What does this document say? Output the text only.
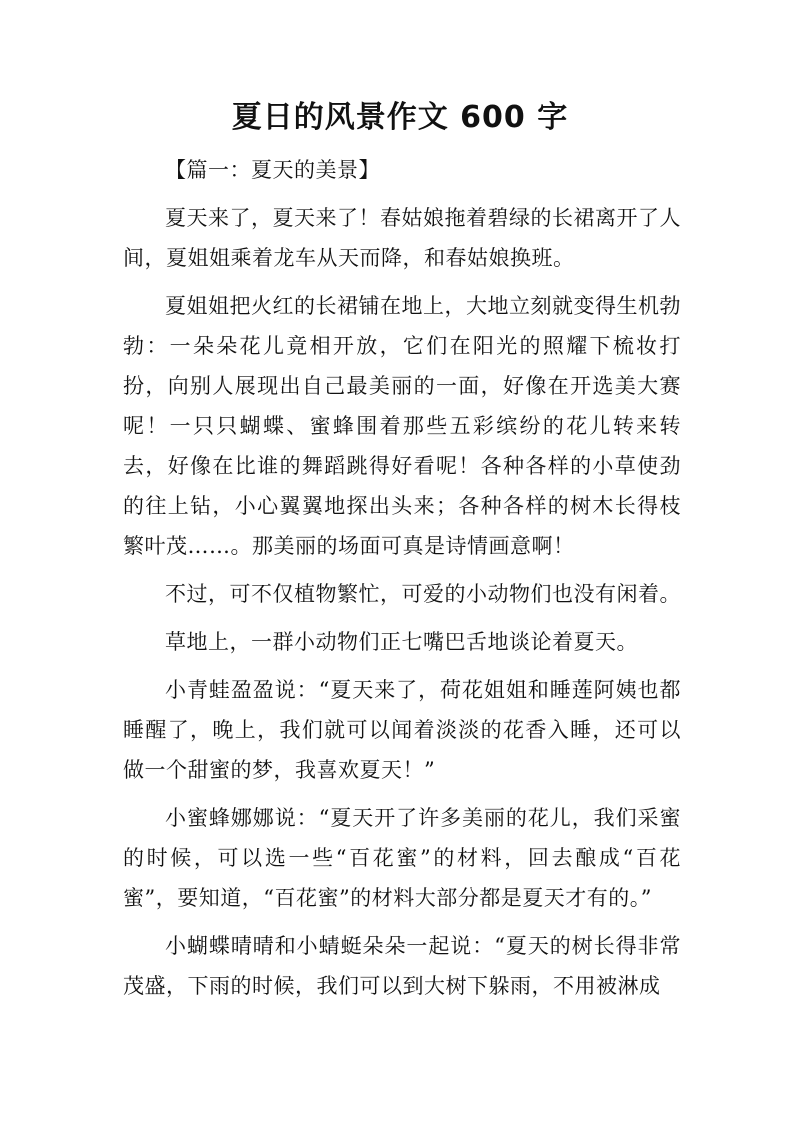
夏日的风景作文 600 字

【篇一：夏天的美景】

夏天来了，夏天来了！春姑娘拖着碧绿的长裙离开了人间，夏姐姐乘着龙车从天而降，和春姑娘换班。

夏姐姐把火红的长裙铺在地上，大地立刻就变得生机勃勃：一朵朵花儿竟相开放，它们在阳光的照耀下梳妆打扮，向别人展现出自己最美丽的一面，好像在开选美大赛呢！一只只蝴蝶、蜜蜂围着那些五彩缤纷的花儿转来转去，好像在比谁的舞蹈跳得好看呢！各种各样的小草使劲的往上钻，小心翼翼地探出头来；各种各样的树木长得枝繁叶茂……。那美丽的场面可真是诗情画意啊！

不过，可不仅植物繁忙，可爱的小动物们也没有闲着。

草地上，一群小动物们正七嘴巴舌地谈论着夏天。

小青蛙盈盈说：“夏天来了，荷花姐姐和睡莲阿姨也都睡醒了，晚上，我们就可以闻着淡淡的花香入睡，还可以做一个甜蜜的梦，我喜欢夏天！”

小蜜蜂娜娜说：“夏天开了许多美丽的花儿，我们采蜜的时候，可以选一些“百花蜜”的材料，回去酿成“百花蜜”，要知道，“百花蜜”的材料大部分都是夏天才有的。”

小蝴蝶晴晴和小蜻蜓朵朵一起说：“夏天的树长得非常茂盛，下雨的时候，我们可以到大树下躲雨，不用被淋成
